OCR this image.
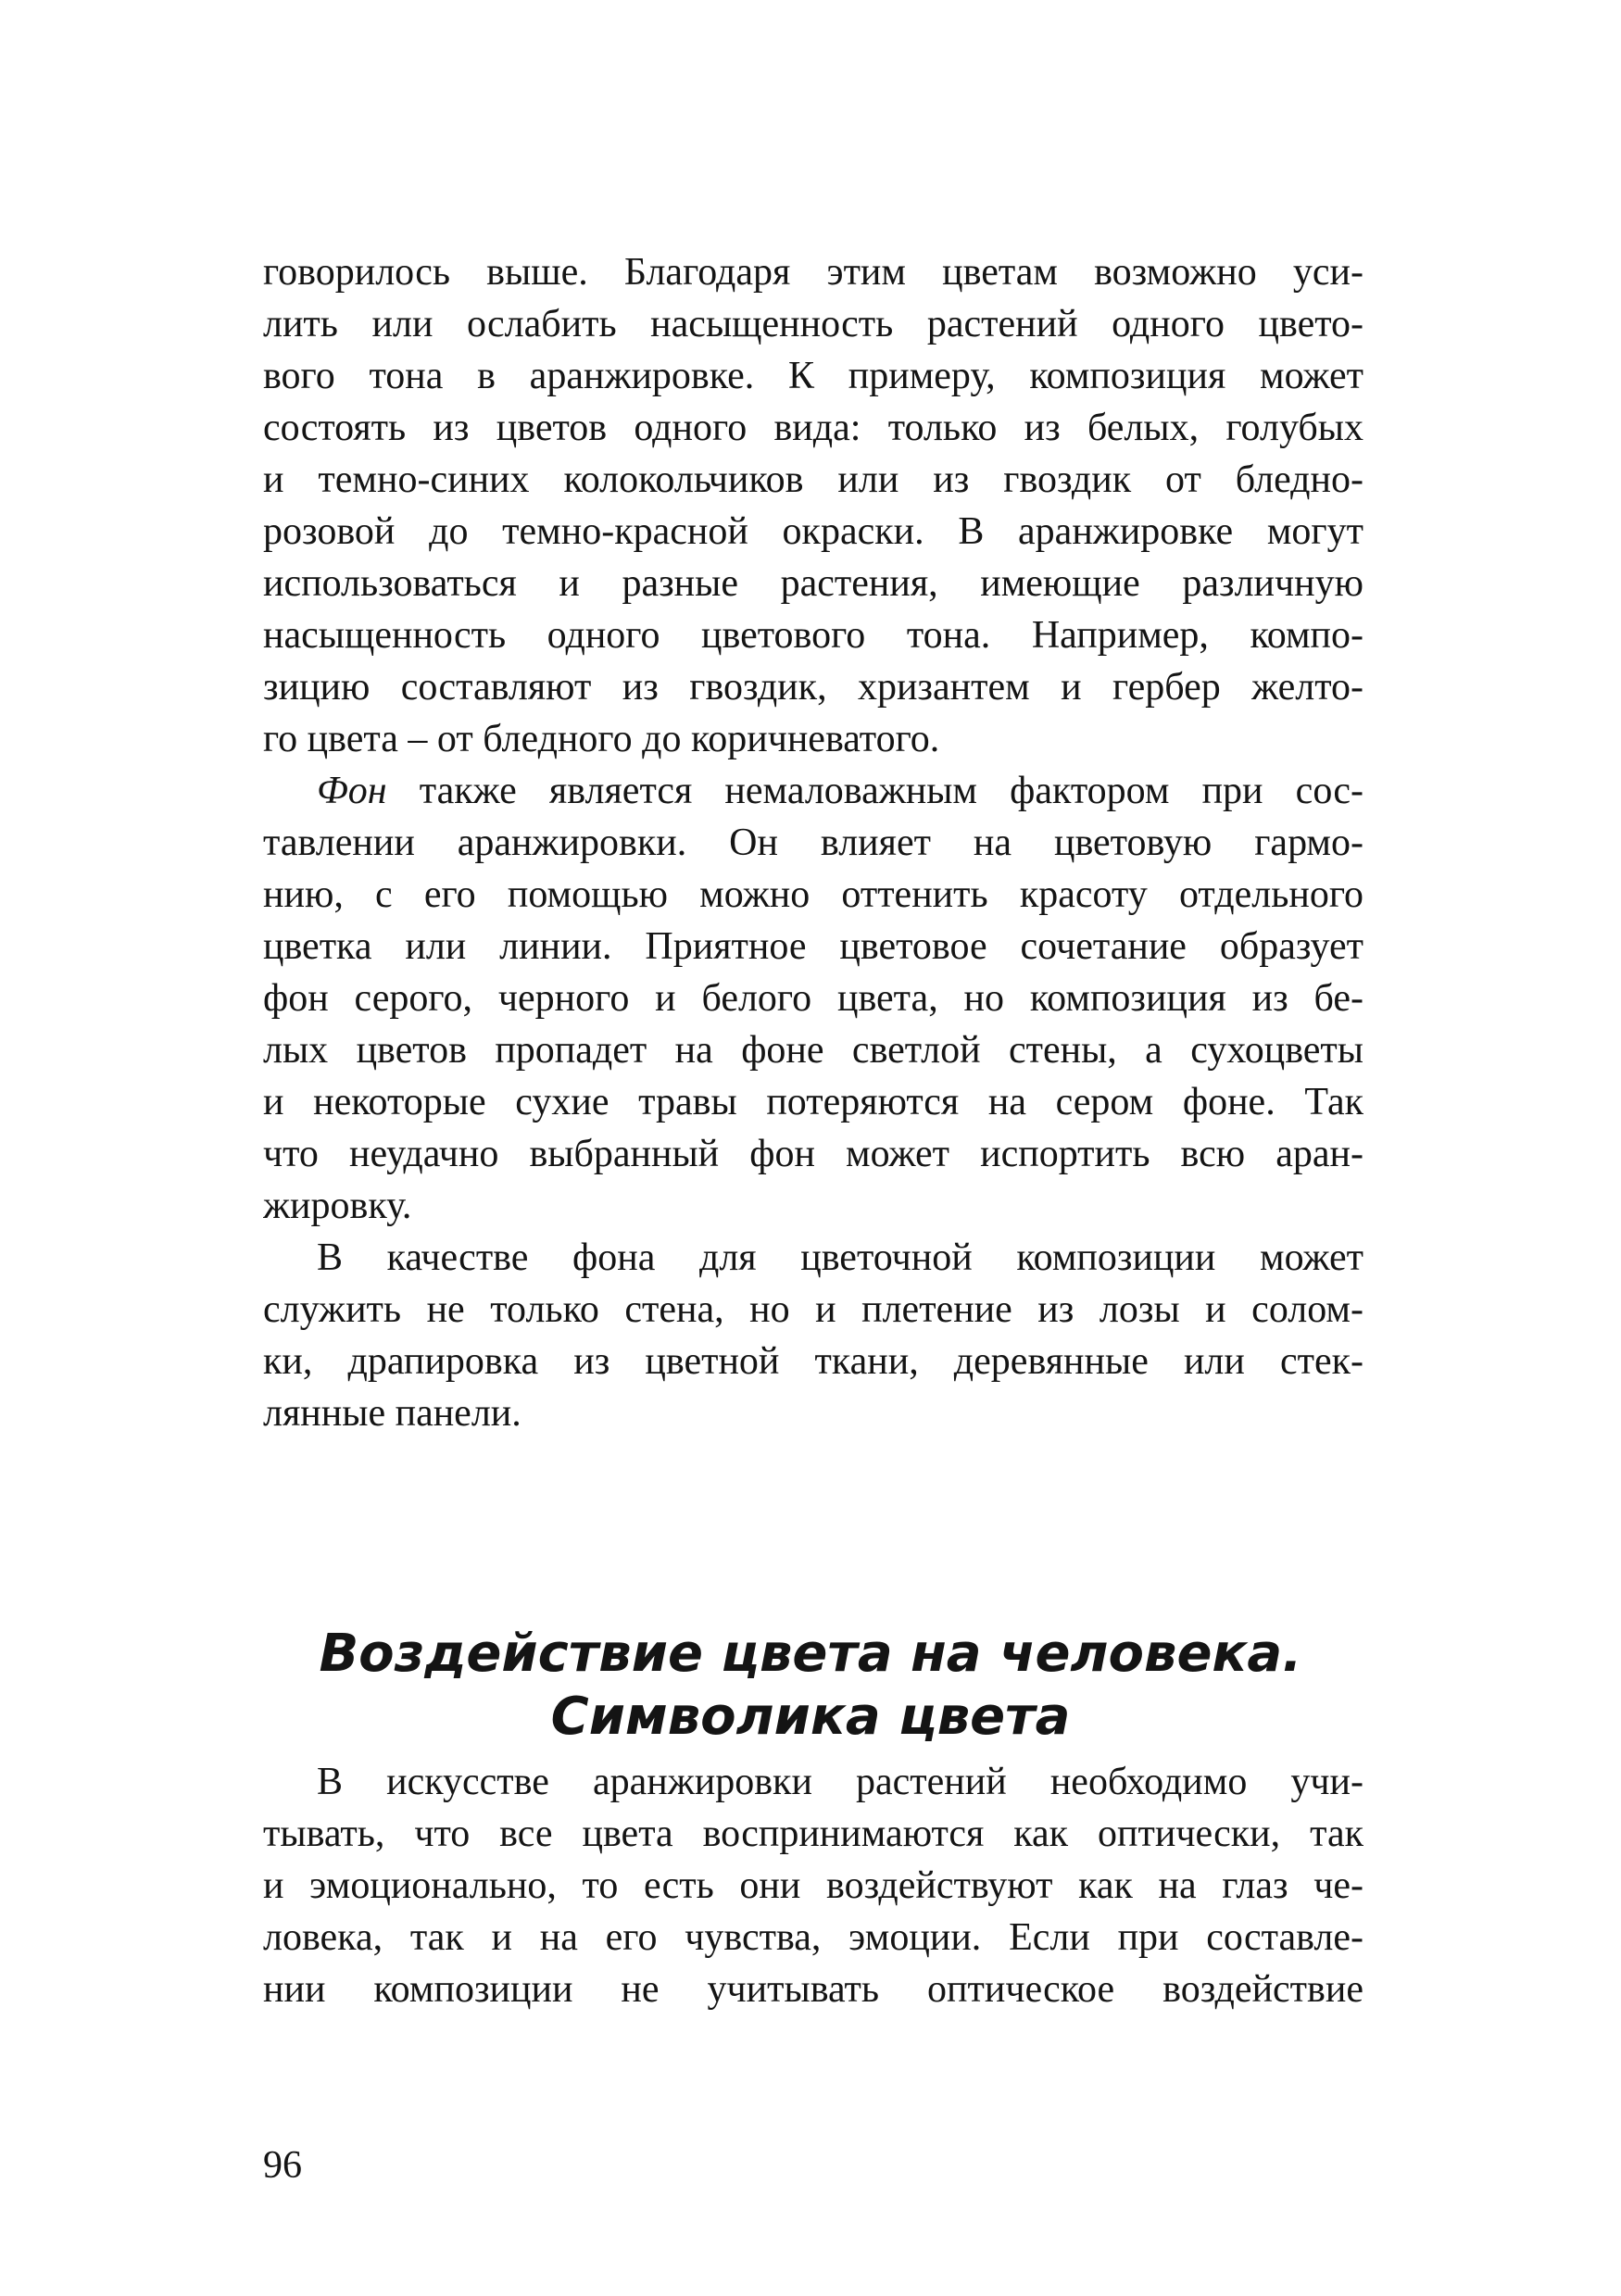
говорилось выше. Благодаря этим цветам возможно уси-
лить или ослабить насыщенность растений одного цвето-
вого тона в аранжировке. К примеру, композиция может
состоять из цветов одного вида: только из белых, голубых
и темно-синих колокольчиков или из гвоздик от бледно-
розовой до темно-красной окраски. В аранжировке могут
использоваться и разные растения, имеющие различную
насыщенность одного цветового тона. Например, компо-
зицию составляют из гвоздик, хризантем и гербер желто-
го цвета – от бледного до коричневатого.
Фон также является немаловажным фактором при сос-
тавлении аранжировки. Он влияет на цветовую гармо-
нию, с его помощью можно оттенить красоту отдельного
цветка или линии. Приятное цветовое сочетание образует
фон серого, черного и белого цвета, но композиция из бе-
лых цветов пропадет на фоне светлой стены, а сухоцветы
и некоторые сухие травы потеряются на сером фоне. Так
что неудачно выбранный фон может испортить всю аран-
жировку.
В качестве фона для цветочной композиции может
служить не только стена, но и плетение из лозы и солом-
ки, драпировка из цветной ткани, деревянные или стек-
лянные панели.
Воздействие цвета на человека.
Символика цвета
В искусстве аранжировки растений необходимо учи-
тывать, что все цвета воспринимаются как оптически, так
и эмоционально, то есть они воздействуют как на глаз че-
ловека, так и на его чувства, эмоции. Если при составле-
нии композиции не учитывать оптическое воздействие
96
